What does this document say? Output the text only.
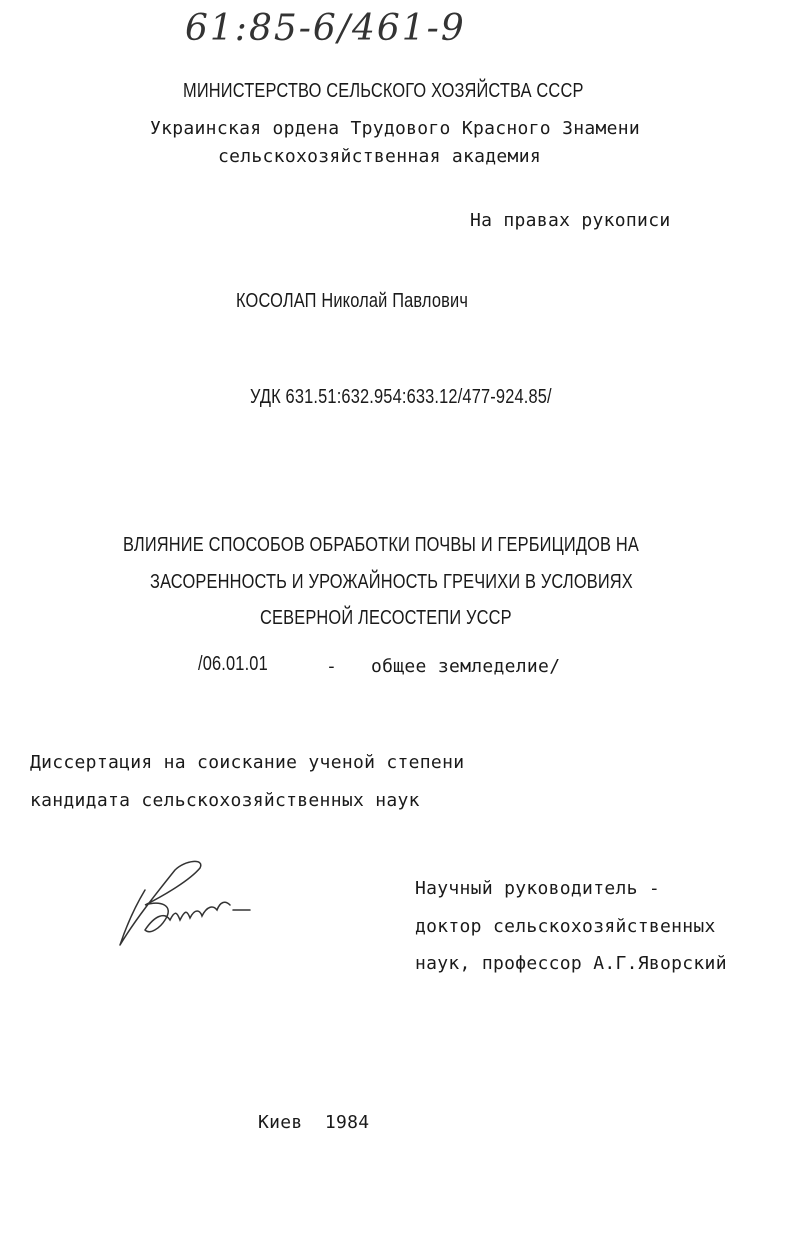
61:85-6/461-9
МИНИСТЕРСТВО СЕЛЬСКОГО ХОЗЯЙСТВА СССР
Украинская ордена Трудового Красного Знамени
сельскохозяйственная академия
На правах рукописи
КОСОЛАП Николай Павлович
УДК 631.51:632.954:633.12/477-924.85/
ВЛИЯНИЕ СПОСОБОВ ОБРАБОТКИ ПОЧВЫ И ГЕРБИЦИДОВ НА
ЗАСОРЕННОСТЬ И УРОЖАЙНОСТЬ ГРЕЧИХИ В УСЛОВИЯХ
СЕВЕРНОЙ ЛЕСОСТЕПИ УССР
/06.01.01	- общее земледелие/
Диссертация на соискание ученой степени
кандидата сельскохозяйственных наук
Научный руководитель -
доктор сельскохозяйственных
наук, профессор А.Г.Яворский
Киев  1984
